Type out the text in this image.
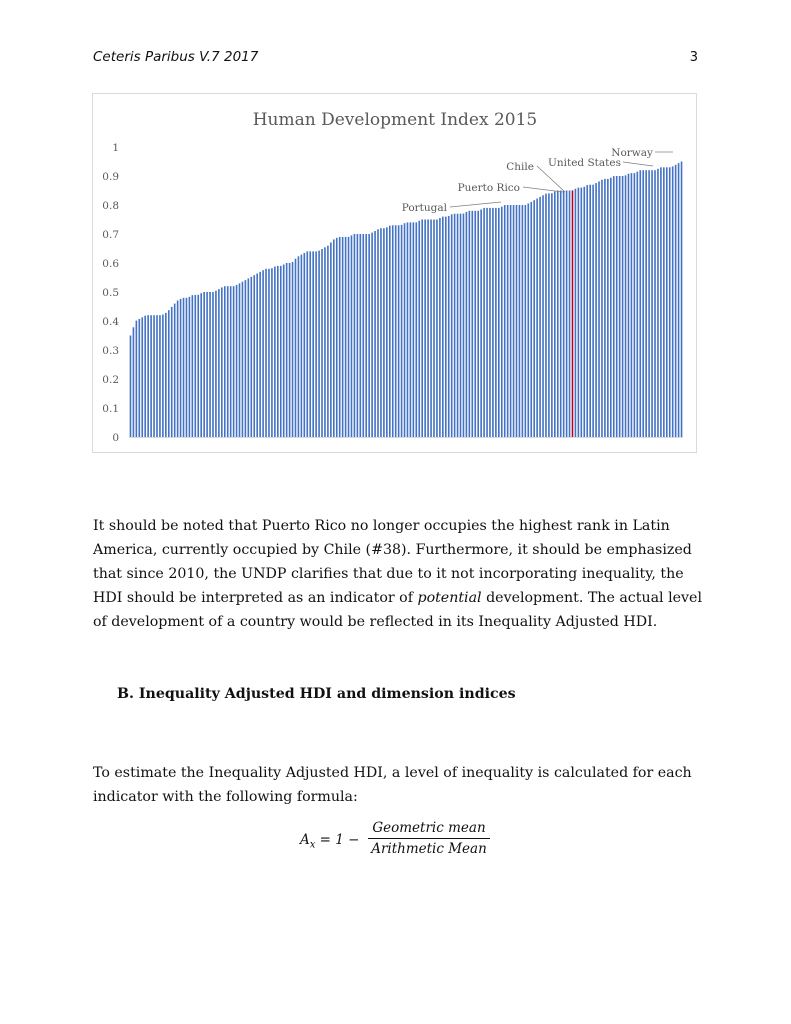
Ceteris Paribus V.7 2017	3
Human Development Index 2015
0
0.1
0.2
0.3
0.4
0.5
0.6
0.7
0.8
0.9
1	Norway
United States
Chile
Puerto Rico
Portugal

It should be noted that Puerto Rico no longer occupies the highest rank in Latin America, currently occupied by Chile (#38). Furthermore, it should be emphasized that since 2010, the UNDP clarifies that due to it not incorporating inequality, the HDI should be interpreted as an indicator of potential development. The actual level of development of a country would be reflected in its Inequality Adjusted HDI.

B. Inequality Adjusted HDI and dimension indices

To estimate the Inequality Adjusted HDI, a level of inequality is calculated for each indicator with the following formula:

$A_x = 1$ −
Geometric mean
Arithmetic Mean
